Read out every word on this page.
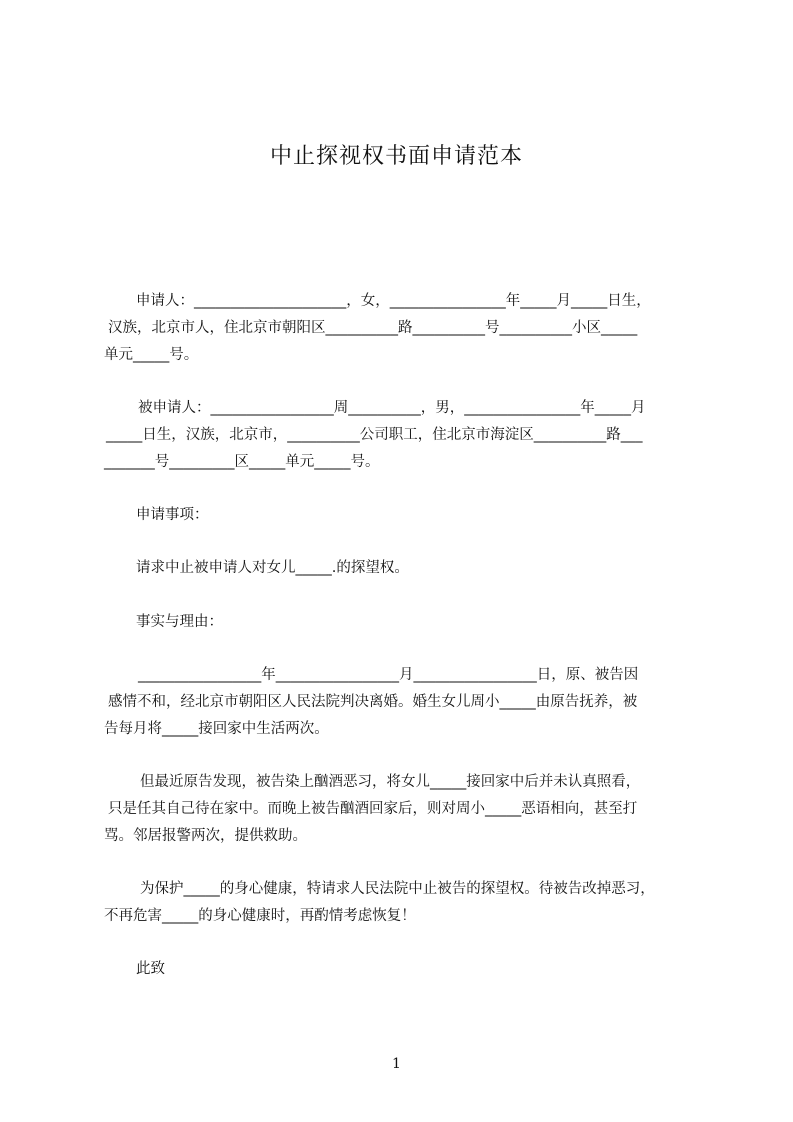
中止探视权书面申请范本
申请人：_____________________，女，________________年_____月_____日生，
汉族，北京市人，住北京市朝阳区__________路__________号__________小区_____
单元_____号。
被申请人：_________________周__________，男，________________年_____月
_____日生，汉族，北京市，__________公司职工，住北京市海淀区__________路___
_______号_________区_____单元_____号。
申请事项：
请求中止被申请人对女儿_____.的探望权。
事实与理由：
_________________年_________________月_________________日，原、被告因
感情不和，经北京市朝阳区人民法院判决离婚。婚生女儿周小_____由原告抚养，被
告每月将_____接回家中生活两次。
但最近原告发现，被告染上酗酒恶习，将女儿_____接回家中后并未认真照看，
只是任其自己待在家中。而晚上被告酗酒回家后，则对周小_____恶语相向，甚至打
骂。邻居报警两次，提供救助。
为保护_____的身心健康，特请求人民法院中止被告的探望权。待被告改掉恶习，
不再危害_____的身心健康时，再酌情考虑恢复！
此致
1
